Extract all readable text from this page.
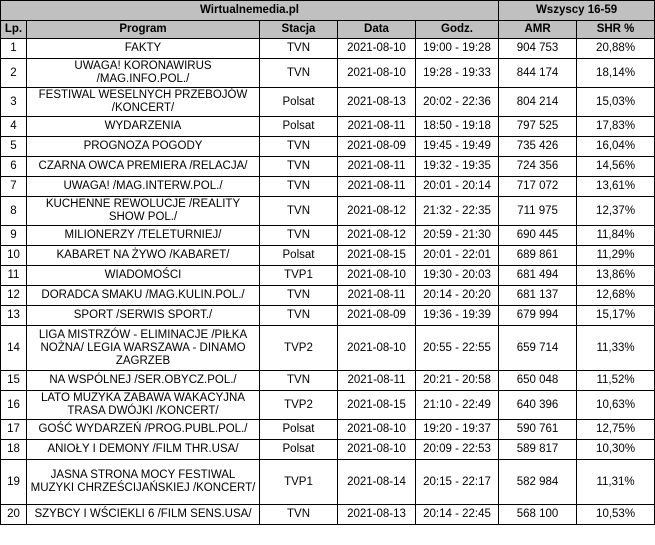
Wirtualnemedia.pl					Wszyscy 16-59	
Lp.	Program	Stacja	Data	Godz.	AMR	SHR %
1	FAKTY	TVN	2021-08-10	19:00 - 19:28	904 753	20,88%
2	UWAGA! KORONAWIRUS /MAG.INFO.POL./	TVN	2021-08-10	19:28 - 19:33	844 174	18,14%
3	FESTIWAL WESELNYCH PRZEBOJÓW /KONCERT/	Polsat	2021-08-13	20:02 - 22:36	804 214	15,03%
4	WYDARZENIA	Polsat	2021-08-11	18:50 - 19:18	797 525	17,83%
5	PROGNOZA POGODY	TVN	2021-08-09	19:45 - 19:49	735 426	16,04%
6	CZARNA OWCA PREMIERA /RELACJA/	TVN	2021-08-11	19:32 - 19:35	724 356	14,56%
7	UWAGA! /MAG.INTERW.POL./	TVN	2021-08-11	20:01 - 20:14	717 072	13,61%
8	KUCHENNE REWOLUCJE /REALITY SHOW POL./	TVN	2021-08-12	21:32 - 22:35	711 975	12,37%
9	MILIONERZY /TELETURNIEJ/	TVN	2021-08-12	20:59 - 21:30	690 445	11,84%
10	KABARET NA ŻYWO /KABARET/	Polsat	2021-08-15	20:01 - 22:01	689 861	11,29%
11	WIADOMOŚCI	TVP1	2021-08-10	19:30 - 20:03	681 494	13,86%
12	DORADCA SMAKU /MAG.KULIN.POL./	TVN	2021-08-11	20:14 - 20:20	681 137	12,68%
13	SPORT /SERWIS SPORT./	TVN	2021-08-09	19:36 - 19:39	679 994	15,17%
14	LIGA MISTRZÓW - ELIMINACJE /PIŁKA NOŻNA/ LEGIA WARSZAWA - DINAMO ZAGRZEB	TVP2	2021-08-10	20:55 - 22:55	659 714	11,33%
15	NA WSPÓLNEJ /SER.OBYCZ.POL./	TVN	2021-08-11	20:21 - 20:58	650 048	11,52%
16	LATO MUZYKA ZABAWA WAKACYJNA TRASA DWÓJKI /KONCERT/	TVP2	2021-08-15	21:10 - 22:49	640 396	10,63%
17	GOŚĆ WYDARZEŃ /PROG.PUBL.POL./	Polsat	2021-08-10	19:20 - 19:37	590 761	12,75%
18	ANIOŁY I DEMONY /FILM THR.USA/	Polsat	2021-08-10	20:09 - 22:53	589 817	10,30%
19	JASNA STRONA MOCY FESTIWAL MUZYKI CHRZEŚCIJAŃSKIEJ /KONCERT/	TVP1	2021-08-14	20:15 - 22:17	582 984	11,31%
20	SZYBCY I WŚCIEKLI 6 /FILM SENS.USA/	TVN	2021-08-13	20:14 - 22:45	568 100	10,53%
